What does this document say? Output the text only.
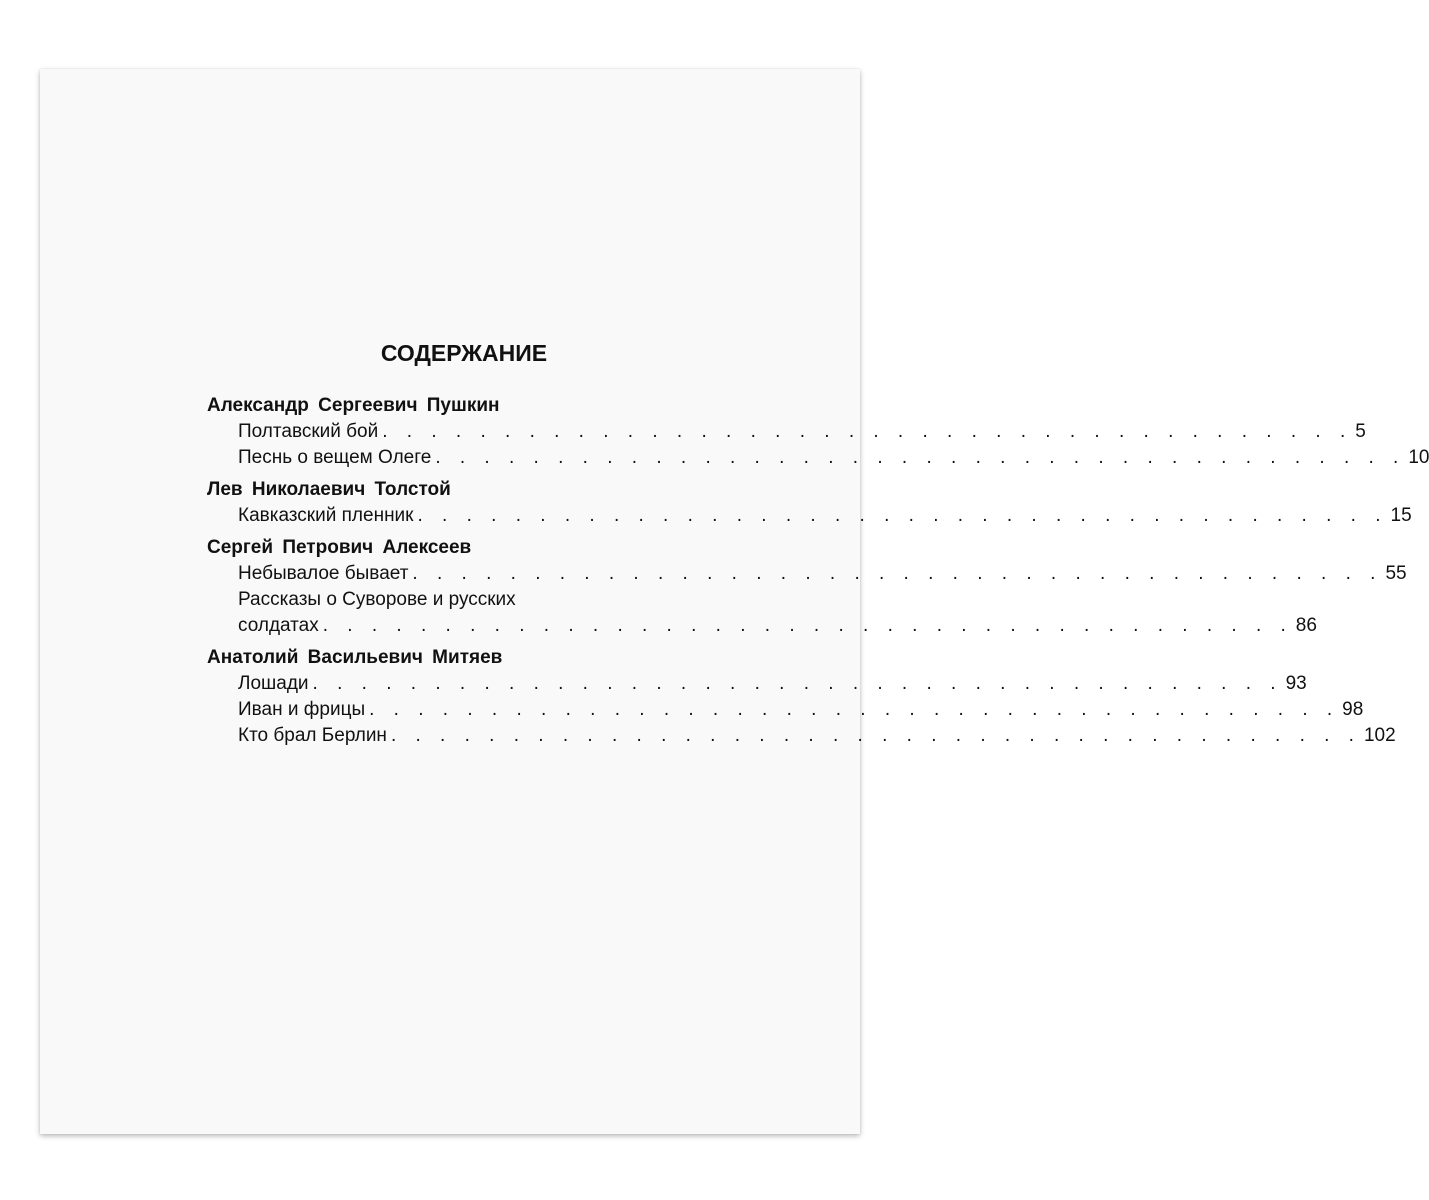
СОДЕРЖАНИЕ
Александр Сергеевич Пушкин
Полтавский бой . . . . . . . . . . . . . . . . . . . . . . . . . . . . . . . . . . . . . . . . 5
Песнь о вещем Олеге . . . . . . . . . . . . . . . . . . . . . . . . . . . . . . . . . . . . . . . . 10
Лев Николаевич Толстой
Кавказский пленник . . . . . . . . . . . . . . . . . . . . . . . . . . . . . . . . . . . . . . . . 15
Сергей Петрович Алексеев
Небывалое бывает . . . . . . . . . . . . . . . . . . . . . . . . . . . . . . . . . . . . . . . . 55
Рассказы о Суворове и русских
солдатах . . . . . . . . . . . . . . . . . . . . . . . . . . . . . . . . . . . . . . . . 86
Анатолий Васильевич Митяев
Лошади . . . . . . . . . . . . . . . . . . . . . . . . . . . . . . . . . . . . . . . . 93
Иван и фрицы . . . . . . . . . . . . . . . . . . . . . . . . . . . . . . . . . . . . . . . . 98
Кто брал Берлин . . . . . . . . . . . . . . . . . . . . . . . . . . . . . . . . . . . . . . . . 102
